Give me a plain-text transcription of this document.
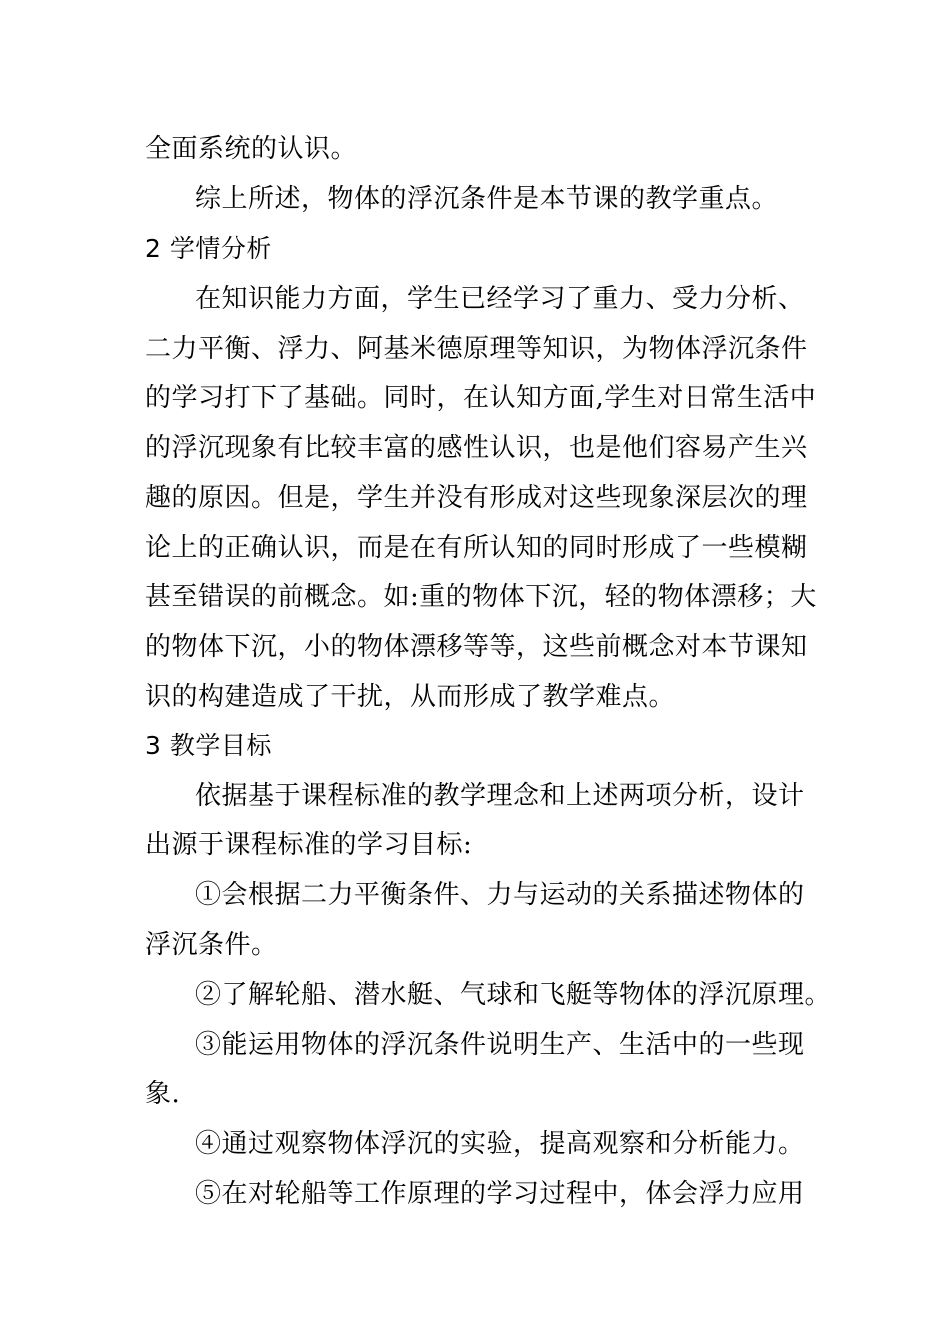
全面系统的认识。
综上所述，物体的浮沉条件是本节课的教学重点。
2 学情分析
在知识能力方面，学生已经学习了重力、受力分析、
二力平衡、浮力、阿基米德原理等知识，为物体浮沉条件
的学习打下了基础。同时，在认知方面,学生对日常生活中
的浮沉现象有比较丰富的感性认识，也是他们容易产生兴
趣的原因。但是，学生并没有形成对这些现象深层次的理
论上的正确认识，而是在有所认知的同时形成了一些模糊
甚至错误的前概念。如:重的物体下沉，轻的物体漂移；大
的物体下沉，小的物体漂移等等，这些前概念对本节课知
识的构建造成了干扰，从而形成了教学难点。
3 教学目标
依据基于课程标准的教学理念和上述两项分析，设计
出源于课程标准的学习目标:
①会根据二力平衡条件、力与运动的关系描述物体的
浮沉条件。
②了解轮船、潜水艇、气球和飞艇等物体的浮沉原理。
③能运用物体的浮沉条件说明生产、生活中的一些现
象.
④通过观察物体浮沉的实验，提高观察和分析能力。
⑤在对轮船等工作原理的学习过程中，体会浮力应用
